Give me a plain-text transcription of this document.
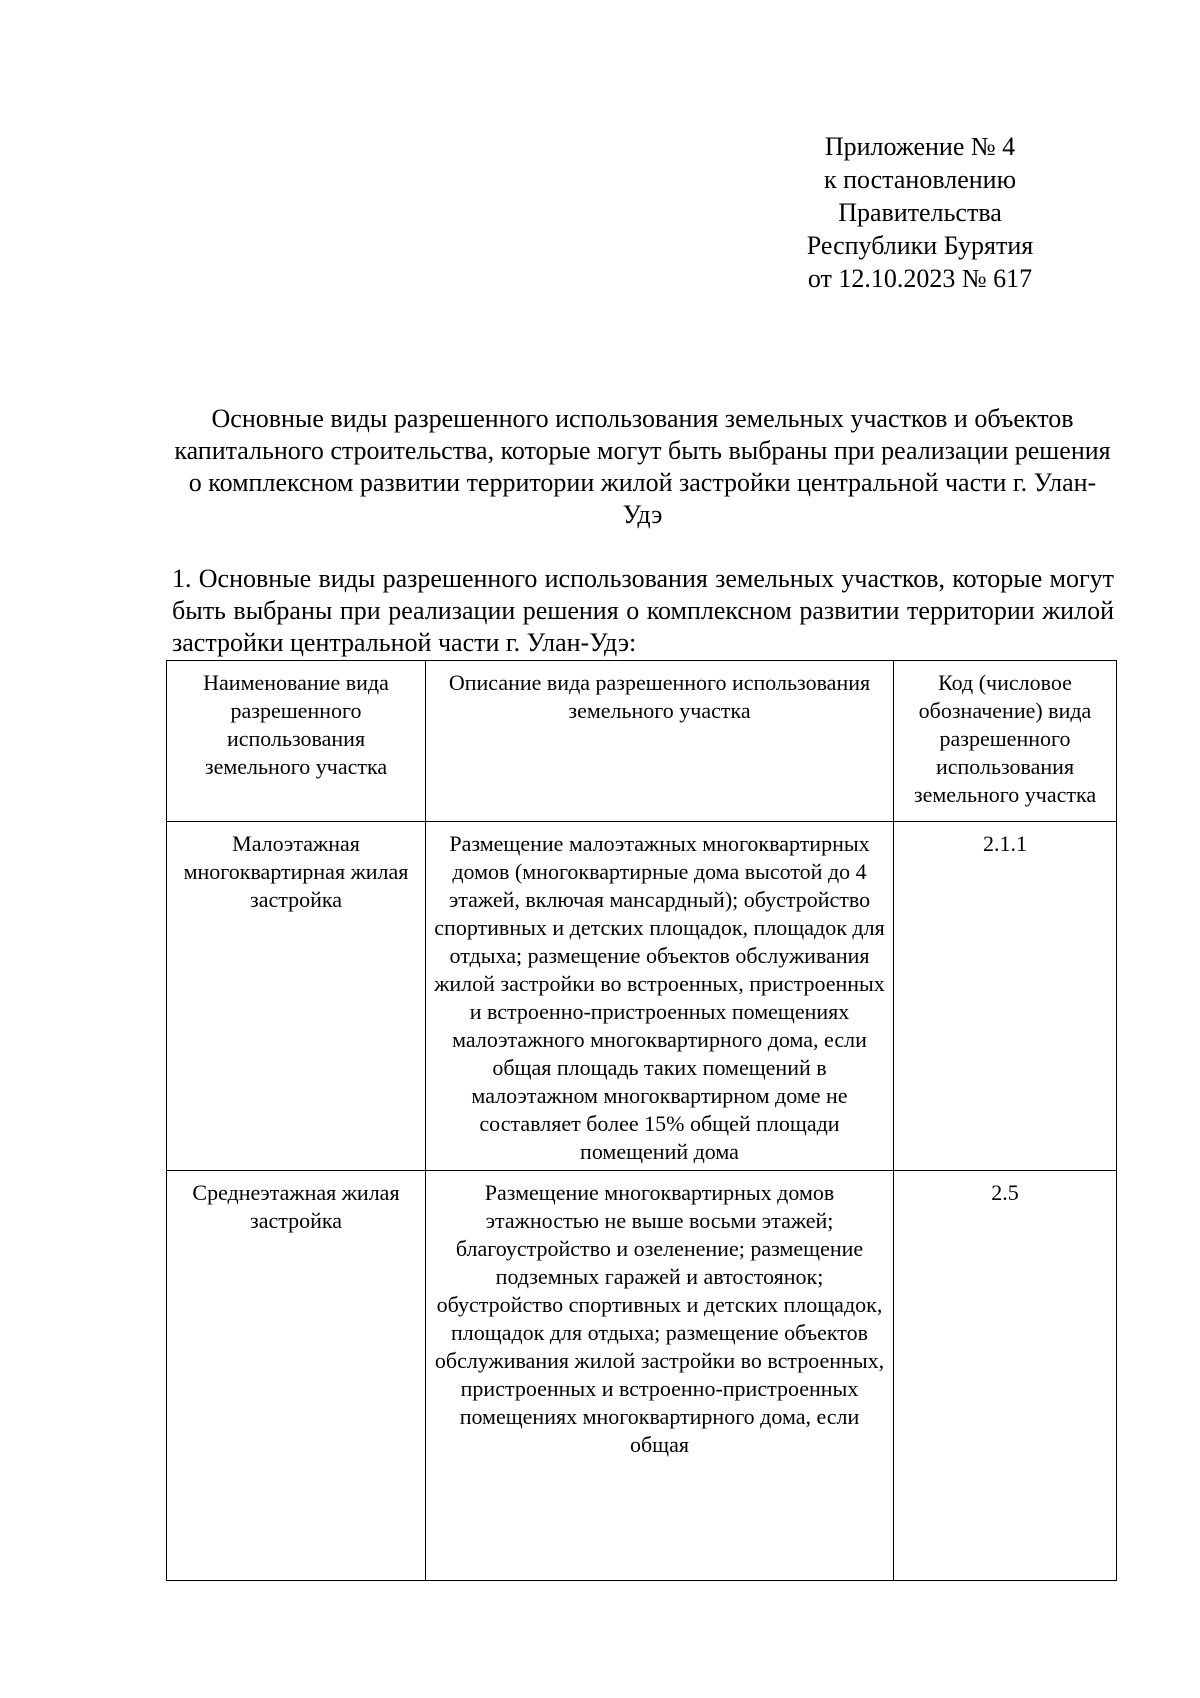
Приложение № 4
к постановлению
Правительства
Республики Бурятия
от 12.10.2023 № 617
Основные виды разрешенного использования земельных участков и объектов капитального строительства, которые могут быть выбраны при реализации решения о комплексном развитии территории жилой застройки центральной части г. Улан-Удэ
1. Основные виды разрешенного использования земельных участков, которые могут быть выбраны при реализации решения о комплексном развитии территории жилой застройки центральной части г. Улан-Удэ:
Наименование вида разрешенного использования земельного участка	Описание вида разрешенного использования земельного участка	Код (числовое обозначение) вида разрешенного использования земельного участка
Малоэтажная многоквартирная жилая застройка	Размещение малоэтажных многоквартирных домов (многоквартирные дома высотой до 4 этажей, включая мансардный); обустройство спортивных и детских площадок, площадок для отдыха; размещение объектов обслуживания жилой застройки во встроенных, пристроенных и встроенно-пристроенных помещениях малоэтажного многоквартирного дома, если общая площадь таких помещений в малоэтажном многоквартирном доме не составляет более 15% общей площади помещений дома	2.1.1
Среднеэтажная жилая застройка	Размещение многоквартирных домов этажностью не выше восьми этажей; благоустройство и озеленение; размещение подземных гаражей и автостоянок; обустройство спортивных и детских площадок, площадок для отдыха; размещение объектов обслуживания жилой застройки во встроенных, пристроенных и встроенно-пристроенных помещениях многоквартирного дома, если общая	2.5
